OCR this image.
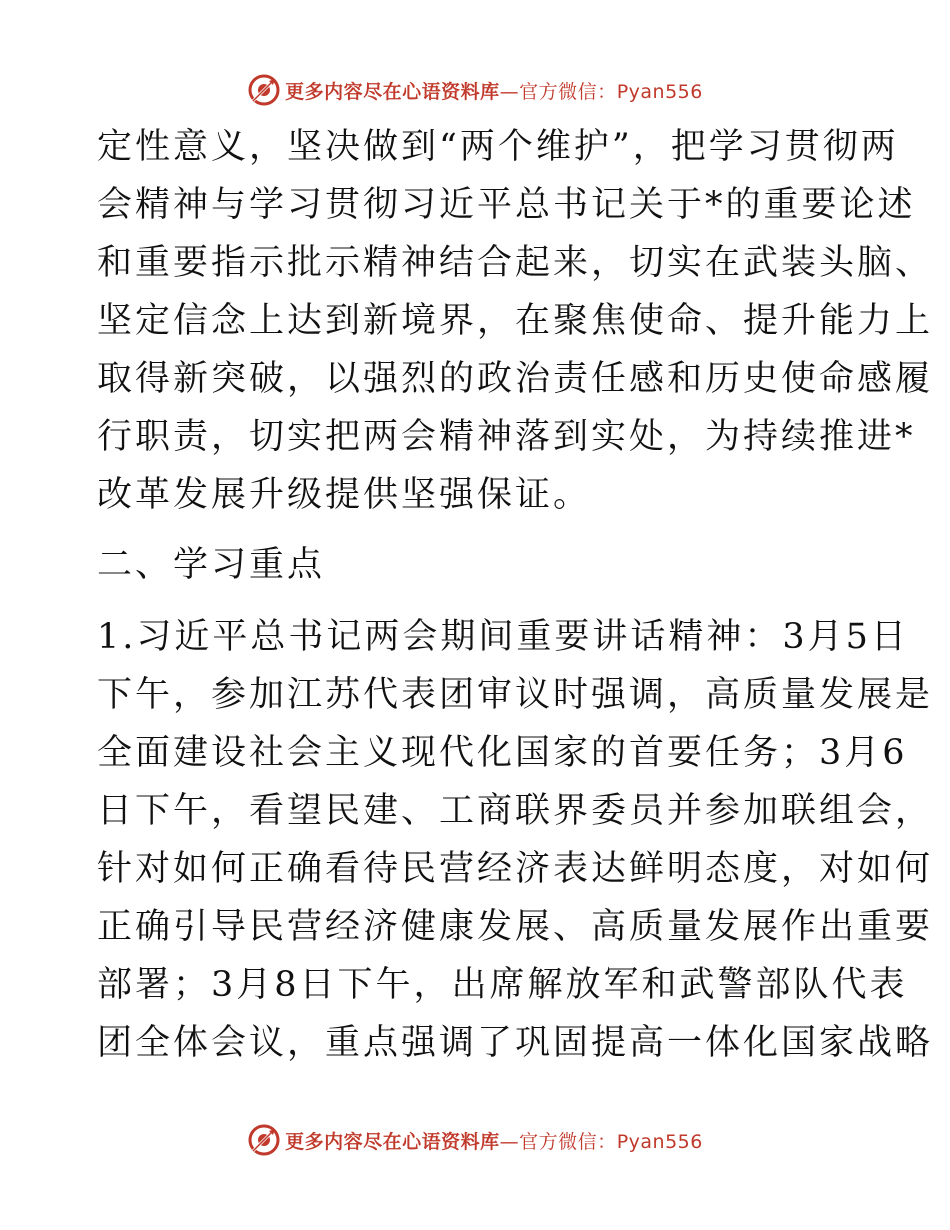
更多内容尽在心语资料库—官方微信：Pyan556
定性意义，坚决做到“两个维护”，把学习贯彻两
会精神与学习贯彻习近平总书记关于*的重要论述
和重要指示批示精神结合起来，切实在武装头脑、
坚定信念上达到新境界，在聚焦使命、提升能力上
取得新突破，以强烈的政治责任感和历史使命感履
行职责，切实把两会精神落到实处，为持续推进*
改革发展升级提供坚强保证。
二、学习重点
1.习近平总书记两会期间重要讲话精神：3月5日
下午，参加江苏代表团审议时强调，高质量发展是
全面建设社会主义现代化国家的首要任务；3月6
日下午，看望民建、工商联界委员并参加联组会，
针对如何正确看待民营经济表达鲜明态度，对如何
正确引导民营经济健康发展、高质量发展作出重要
部署；3月8日下午，出席解放军和武警部队代表
团全体会议，重点强调了巩固提高一体化国家战略
更多内容尽在心语资料库—官方微信：Pyan556
